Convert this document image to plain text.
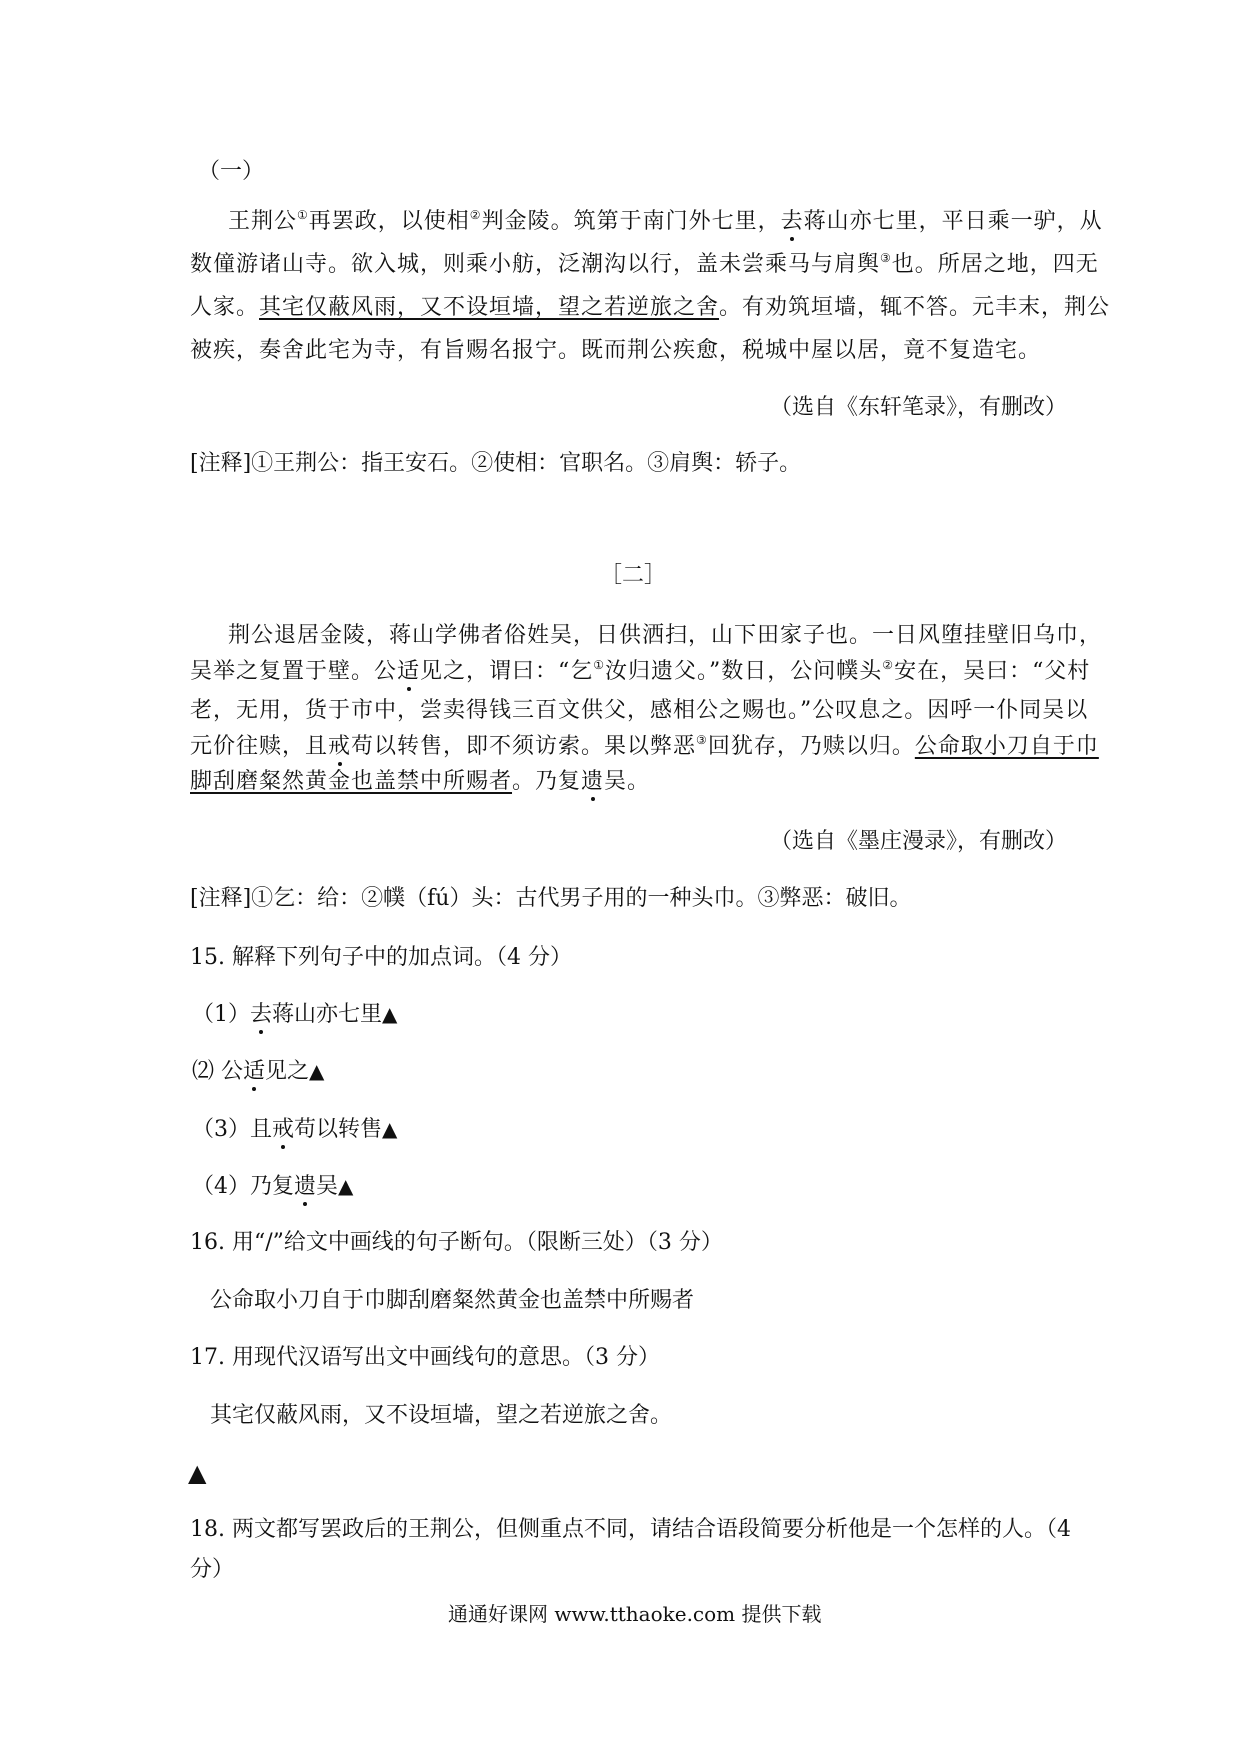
（一）

王荆公①再罢政，以使相②判金陵。筑第于南门外七里，去蒋山亦七里，平日乘一驴，从

数僮游诸山寺。欲入城，则乘小舫，泛潮沟以行，盖未尝乘马与肩舆③也。所居之地，四无

人家。其宅仅蔽风雨，又不设垣墙，望之若逆旅之舍。有劝筑垣墙，辄不答。元丰末，荆公

被疾，奏舍此宅为寺，有旨赐名报宁。既而荆公疾愈，税城中屋以居，竟不复造宅。

（选自《东轩笔录》，有删改）

[注释]①王荆公：指王安石。②使相：官职名。③肩舆：轿子。

［二］

荆公退居金陵，蒋山学佛者俗姓吴，日供洒扫，山下田家子也。一日风堕挂壁旧乌巾，

吴举之复置于壁。公适见之，谓曰：“乞①汝归遗父。”数日，公问幞头②安在，吴曰：“父村

老，无用，货于市中，尝卖得钱三百文供父，感相公之赐也。”公叹息之。因呼一仆同吴以

元价往赎，且戒苟以转售，即不须访索。果以弊恶③回犹存，乃赎以归。公命取小刀自于巾

脚刮磨粲然黄金也盖禁中所赐者。乃复遗吴。

（选自《墨庄漫录》，有删改）

[注释]①乞：给：②幞（fú）头：古代男子用的一种头巾。③弊恶：破旧。

15. 解释下列句子中的加点词。（4 分）

（1）去蒋山亦七里▲

⑵ 公适见之▲

（3）且戒苟以转售▲

（4）乃复遗吴▲

16. 用“/”给文中画线的句子断句。（限断三处）（3 分）

公命取小刀自于巾脚刮磨粲然黄金也盖禁中所赐者

17. 用现代汉语写出文中画线句的意思。（3 分）

其宅仅蔽风雨，又不设垣墙，望之若逆旅之舍。

▲

18. 两文都写罢政后的王荆公，但侧重点不同，请结合语段简要分析他是一个怎样的人。（4

分）

通通好课网 www.tthaoke.com 提供下载
